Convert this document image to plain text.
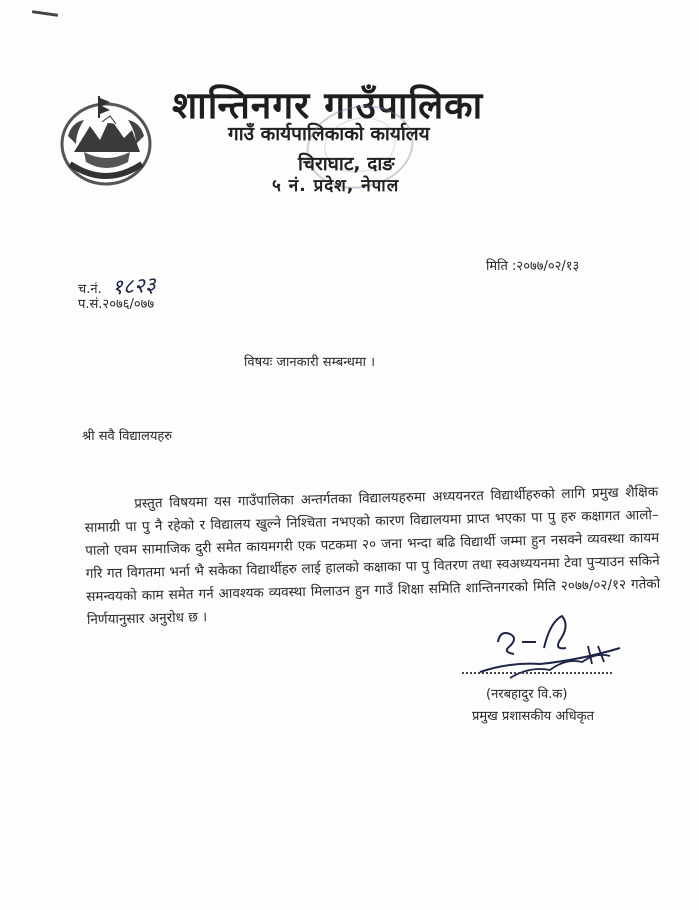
शान्तिनगर गाउँपालिका
गाउँ कार्यपालिकाको कार्यालय
चिराघाट, दाङ
५ नं. प्रदेश, नेपाल
मिति :२०७७/०२/१३
च.नं. १८२३
प.सं.२०७६/०७७
विषयः जानकारी सम्बन्धमा ।
श्री सवै विद्यालयहरु
प्रस्तुत विषयमा यस गाउँपालिका अन्तर्गतका विद्यालयहरुमा अध्ययनरत विद्यार्थीहरुको लागि प्रमुख शैक्षिक सामाग्री पा पु नै रहेको र विद्यालय खुल्ने निश्चिता नभएको कारण विद्यालयमा प्राप्त भएका पा पु हरु कक्षागत आलो–पालो एवम सामाजिक दुरी समेत कायमगरी एक पटकमा २० जना भन्दा बढि विद्यार्थी जम्मा हुन नसक्ने व्यवस्था कायम गरि गत विगतमा भर्ना भै सकेका विद्यार्थीहरु लाई हालको कक्षाका पा पु वितरण तथा स्वअध्ययनमा टेवा पुर्‍याउन सकिने समन्वयको काम समेत गर्न आवश्यक व्यवस्था मिलाउन हुन गाउँ शिक्षा समिति शान्तिनगरको मिति २०७७/०२/१२ गतेको निर्णयानुसार अनुरोध छ ।
(नरबहादुर वि.क)
प्रमुख प्रशासकीय अधिकृत
